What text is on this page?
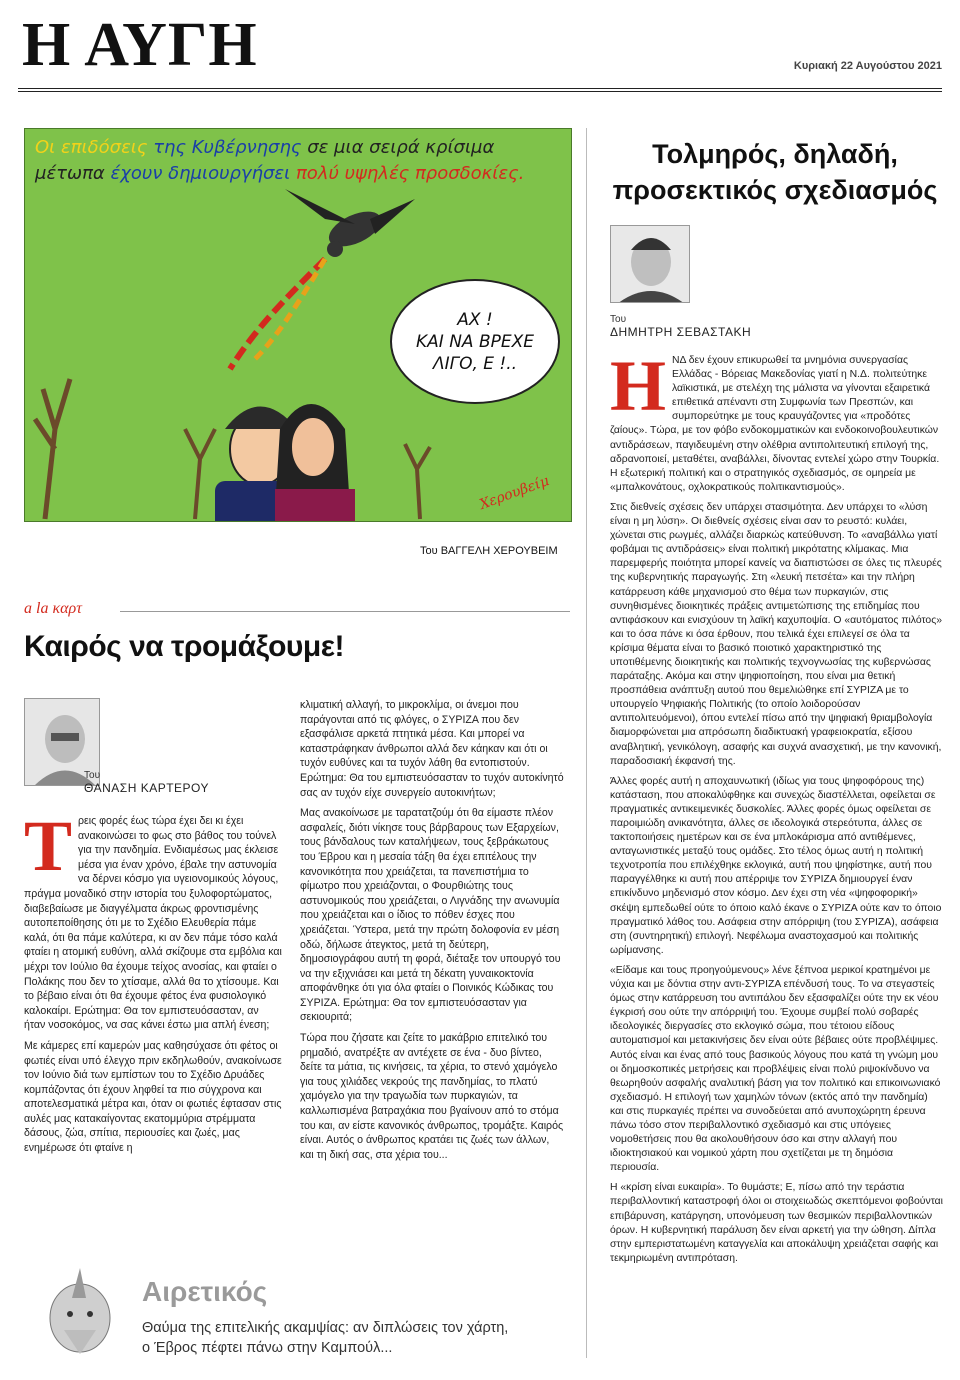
Η ΑΥΓΗ	Κυριακή 22 Αυγούστου 2021
Οι επιδόσεις της Κυβέρνησης σε μια σειρά κρίσιμα
μέτωπα έχουν δημιουργήσει πολύ υψηλές προσδοκίες.
ΑΧ !
ΚΑΙ ΝΑ ΒΡΕΧΕ
ΛΙΓΟ, Ε !..
Χερουβείμ
Του ΒΑΓΓΕΛΗ ΧΕΡΟΥΒΕΙΜ
a la καρτ
Καιρός να τρομάξουμε!
Του
ΘΑΝΑΣΗ ΚΑΡΤΕΡΟΥ
Τ ρεις φορές έως τώρα έχει δει κι έχει ανακοινώσει το φως στο βάθος του τούνελ για την πανδημία. Ενδιαμέσως μας έκλεισε μέσα για έναν χρόνο, έβαλε την αστυνομία να δέρνει κόσμο για υγειονομικούς λόγους, πράγμα μοναδικό στην ιστορία του ξυλοφορτώματος, διαβεβαίωσε με διαγγέλματα άκρως φροντισμένης αυτοπεποίθησης ότι με το Σχέδιο Ελευθερία πάμε καλά, ότι θα πάμε καλύτερα, κι αν δεν πάμε τόσο καλά φταίει η ατομική ευθύνη, αλλά σκίζουμε στα εμβόλια και μέχρι τον Ιούλιο θα έχουμε τείχος ανοσίας, και φταίει ο Πολάκης που δεν το χτίσαμε, αλλά θα το χτίσουμε. Και το βέβαιο είναι ότι θα έχουμε φέτος ένα φυσιολογικό καλοκαίρι. Ερώτημα: Θα τον εμπιστευόσασταν, αν ήταν νοσοκόμος, να σας κάνει έστω μια απλή ένεση;

Με κάμερες επί καμερών μας καθησύχασε ότι φέτος οι φωτιές είναι υπό έλεγχο πριν εκδηλωθούν, ανακοίνωσε τον Ιούνιο διά των εμπίστων του το Σχέδιο Δρυάδες κομπάζοντας ότι έχουν ληφθεί τα πιο σύγχρονα και αποτελεσματικά μέτρα και, όταν οι φωτιές έφτασαν στις αυλές μας κατακαίγοντας εκατομμύρια στρέμματα δάσους, ζώα, σπίτια, περιουσίες και ζωές, μας ενημέρωσε ότι φταίνε η

κλιματική αλλαγή, το μικροκλίμα, οι άνεμοι που παράγονται από τις φλόγες, ο ΣΥΡΙΖΑ που δεν εξασφάλισε αρκετά πτητικά μέσα. Και μπορεί να καταστράφηκαν άνθρωποι αλλά δεν κάηκαν και ότι οι τυχόν ευθύνες και τα τυχόν λάθη θα εντοπιστούν. Ερώτημα: Θα του εμπιστευόσασταν το τυχόν αυτοκίνητό σας αν τυχόν είχε συνεργείο αυτοκινήτων;

Μας ανακοίνωσε με ταρατατζούμ ότι θα είμαστε πλέον ασφαλείς, διότι νίκησε τους βάρβαρους των Εξαρχείων, τους βάνδαλους των καταλήψεων, τους ξεβράκωτους του Έβρου και η μεσαία τάξη θα έχει επιτέλους την κανονικότητα που χρειάζεται, τα πανεπιστήμια το φίμωτρο που χρειάζονται, ο Φουρθιώτης τους αστυνομικούς που χρειάζεται, ο Λιγνάδης την ανωνυμία που χρειάζεται και ο ίδιος το πόθεν έσχες που χρειάζεται. Ύστερα, μετά την πρώτη δολοφονία εν μέση οδώ, δήλωσε άτεγκτος, μετά τη δεύτερη, δημοσιογράφου αυτή τη φορά, διέταξε τον υπουργό του να την εξιχνιάσει και μετά τη δέκατη γυναικοκτονία αποφάνθηκε ότι για όλα φταίει ο Ποινικός Κώδικας του ΣΥΡΙΖΑ. Ερώτημα: Θα τον εμπιστευόσασταν για σεκιουριτά;

Τώρα που ζήσατε και ζείτε το μακάβριο επιτελικό του ρημαδιό, ανατρέξτε αν αντέχετε σε ένα - δυο βίντεο, δείτε τα μάτια, τις κινήσεις, τα χέρια, το στενό χαμόγελο για τους χιλιάδες νεκρούς της πανδημίας, το πλατύ χαμόγελο για την τραγωδία των πυρκαγιών, τα καλλωπισμένα βατραχάκια που βγαίνουν από το στόμα του και, αν είστε κανονικός άνθρωπος, τρομάξτε. Καιρός είναι. Αυτός ο άνθρωπος κρατάει τις ζωές των άλλων, και τη δική σας, στα χέρια του...

Τολμηρός, δηλαδή, προσεκτικός σχεδιασμός
Του
ΔΗΜΗΤΡΗ ΣΕΒΑΣΤΑΚΗ
Η ΝΔ δεν έχουν επικυρωθεί τα μνημόνια συνεργασίας Ελλάδας - Βόρειας Μακεδονίας γιατί η Ν.Δ. πολιτεύτηκε λαϊκιστικά, με στελέχη της μάλιστα να γίνονται εξαιρετικά επιθετικά απέναντι στη Συμφωνία των Πρεσπών, και συμπορεύτηκε με τους κραυγάζοντες για «προδότες ζαίους». Τώρα, με τον φόβο ενδοκομματικών και ενδοκοινοβουλευτικών αντιδράσεων, παγιδευμένη στην ολέθρια αντιπολιτευτική επιλογή της, αδρανοποιεί, μεταθέτει, αναβάλλει, δίνοντας εντελεί χώρο στην Τουρκία. Η εξωτερική πολιτική και ο στρατηγικός σχεδιασμός, σε ομηρεία με «μπαλκονάτους, οχλοκρατικούς πολιτικαντισμούς».

Στις διεθνείς σχέσεις δεν υπάρχει στασιμότητα. Δεν υπάρχει το «λύση είναι η μη λύση». Οι διεθνείς σχέσεις είναι σαν το ρευστό: κυλάει, χώνεται στις ρωγμές, αλλάζει διαρκώς κατεύθυνση. Το «αναβάλλω γιατί φοβάμαι τις αντιδράσεις» είναι πολιτική μικρότατης κλίμακας. Μια παρεμφερής ποιότητα μπορεί κανείς να διαπιστώσει σε όλες τις πλευρές της κυβερνητικής παραγωγής. Στη «λευκή πετσέτα» και την πλήρη κατάρρευση κάθε μηχανισμού στο θέμα των πυρκαγιών, στις συνηθισμένες διοικητικές πράξεις αντιμετώπισης της επιδημίας που αντιφάσκουν και ενισχύουν τη λαϊκή καχυποψία. Ο «αυτόματος πιλότος» και το όσα πάνε κι όσα έρθουν, που τελικά έχει επιλεγεί σε όλα τα κρίσιμα θέματα είναι το βασικό ποιοτικό χαρακτηριστικό της υποτιθέμενης διοικητικής και πολιτικής τεχνογνωσίας της κυβερνώσας παράταξης. Ακόμα και στην ψηφιοποίηση, που είναι μια θετική προσπάθεια ανάπτυξη αυτού που θεμελιώθηκε επί ΣΥΡΙΖΑ με το υπουργείο Ψηφιακής Πολιτικής (το οποίο λοιδορούσαν αντιπολιτευόμενοι), όπου εντελεί πίσω από την ψηφιακή θριαμβολογία διαμορφώνεται μια απρόσωπη διαδικτυακή γραφειοκρατία, εξίσου αναβλητική, γενικόλογη, ασαφής και συχνά ανασχετική, με την κανονική, παραδοσιακή έκφανσή της.

Άλλες φορές αυτή η αποχαυνωτική (ιδίως για τους ψηφοφόρους της) κατάσταση, που αποκαλύφθηκε και συνεχώς διαστέλλεται, οφείλεται σε πραγματικές αντικειμενικές δυσκολίες. Άλλες φορές όμως οφείλεται σε παροιμιώδη ανικανότητα, άλλες σε ιδεολογικά στερεότυπα, άλλες σε τακτοποιήσεις ημετέρων και σε ένα μπλοκάρισμα από αντιθέμενες, ανταγωνιστικές μεταξύ τους ομάδες. Στο τέλος όμως αυτή η πολιτική τεχνοτροπία που επιλέχθηκε εκλογικά, αυτή που ψηφίστηκε, αυτή που παραγγέλθηκε κι αυτή που απέρριψε τον ΣΥΡΙΖΑ δημιουργεί έναν επικίνδυνο μηδενισμό στον κόσμο. Δεν έχει στη νέα «ψηφοφορική» σκέψη εμπεδωθεί ούτε το όποιο καλό έκανε ο ΣΥΡΙΖΑ ούτε καν το όποιο πραγματικό λάθος του. Ασάφεια στην απόρριψη (του ΣΥΡΙΖΑ), ασάφεια στη (συντηρητική) επιλογή. Νεφέλωμα αναστοχασμού και πολιτικής ωρίμανσης.

«Είδαμε και τους προηγούμενους» λένε ξέπνοα μερικοί κρατημένοι με νύχια και με δόντια στην αντι-ΣΥΡΙΖΑ επένδυσή τους. Το να στεγαστείς όμως στην κατάρρευση του αντιπάλου δεν εξασφαλίζει ούτε την εκ νέου έγκρισή σου ούτε την απόρριψή του. Έχουμε συμβεί πολύ σοβαρές ιδεολογικές διεργασίες στο εκλογικό σώμα, που τέτοιου είδους αυτοματισμοί και μετακινήσεις δεν είναι ούτε βέβαιες ούτε προβλέψιμες. Αυτός είναι και ένας από τους βασικούς λόγους που κατά τη γνώμη μου οι δημοσκοπικές μετρήσεις και προβλέψεις είναι πολύ ριψοκίνδυνο να θεωρηθούν ασφαλής αναλυτική βάση για τον πολιτικό και επικοινωνιακό σχεδιασμό. Η επιλογή των χαμηλών τόνων (εκτός από την πανδημία) και στις πυρκαγιές πρέπει να συνοδεύεται από ανυποχώρητη έρευνα πάνω τόσο στον περιβαλλοντικό σχεδιασμό και στις υπόγειες νομοθετήσεις που θα ακολουθήσουν όσο και στην αλλαγή που ιδιοκτησιακού και νομικού χάρτη που σχετίζεται με τη δημόσια περιουσία.

Η «κρίση είναι ευκαιρία». Το θυμάστε; Ε, πίσω από την τεράστια περιβαλλοντική καταστροφή όλοι οι στοιχειωδώς σκεπτόμενοι φοβούνται επιβάρυνση, κατάργηση, υπονόμευση των θεσμικών περιβαλλοντικών όρων. Η κυβερνητική παράλυση δεν είναι αρκετή για την ώθηση. Δίπλα στην εμπεριστατωμένη καταγγελία και αποκάλυψη χρειάζεται σαφής και τεκμηριωμένη αντιπρόταση.

Αιρετικός
Θαύμα της επιτελικής ακαμψίας: αν διπλώσεις τον χάρτη,
ο Έβρος πέφτει πάνω στην Καμπούλ...
